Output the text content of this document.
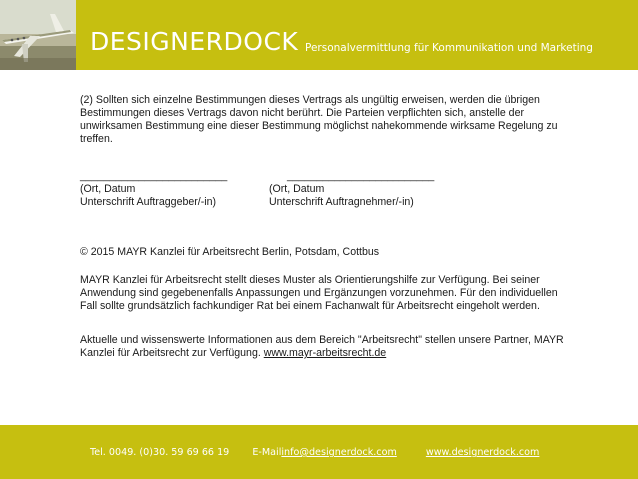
DESIGNERDOCK Personalvermittlung für Kommunikation und Marketing

(2) Sollten sich einzelne Bestimmungen dieses Vertrags als ungültig erweisen, werden die übrigen Bestimmungen dieses Vertrags davon nicht berührt. Die Parteien verpflichten sich, anstelle der unwirksamen Bestimmung eine dieser Bestimmung möglichst nahekommende wirksame Regelung zu treffen.

_________________________
(Ort, Datum
Unterschrift Auftraggeber/-in)
_________________________
(Ort, Datum
Unterschrift Auftragnehmer/-in)

© 2015 MAYR Kanzlei für Arbeitsrecht Berlin, Potsdam, Cottbus

MAYR Kanzlei für Arbeitsrecht stellt dieses Muster als Orientierungshilfe zur Verfügung. Bei seiner Anwendung sind gegebenenfalls Anpassungen und Ergänzungen vorzunehmen. Für den individuellen Fall sollte grundsätzlich fachkundiger Rat bei einem Fachanwalt für Arbeitsrecht eingeholt werden.

Aktuelle und wissenswerte Informationen aus dem Bereich "Arbeitsrecht" stellen unsere Partner, MAYR Kanzlei für Arbeitsrecht zur Verfügung. www.mayr-arbeitsrecht.de

Tel. 0049. (0)30. 59 69 66 19 E-Mailinfo@designerdock.com	www.designerdock.com
